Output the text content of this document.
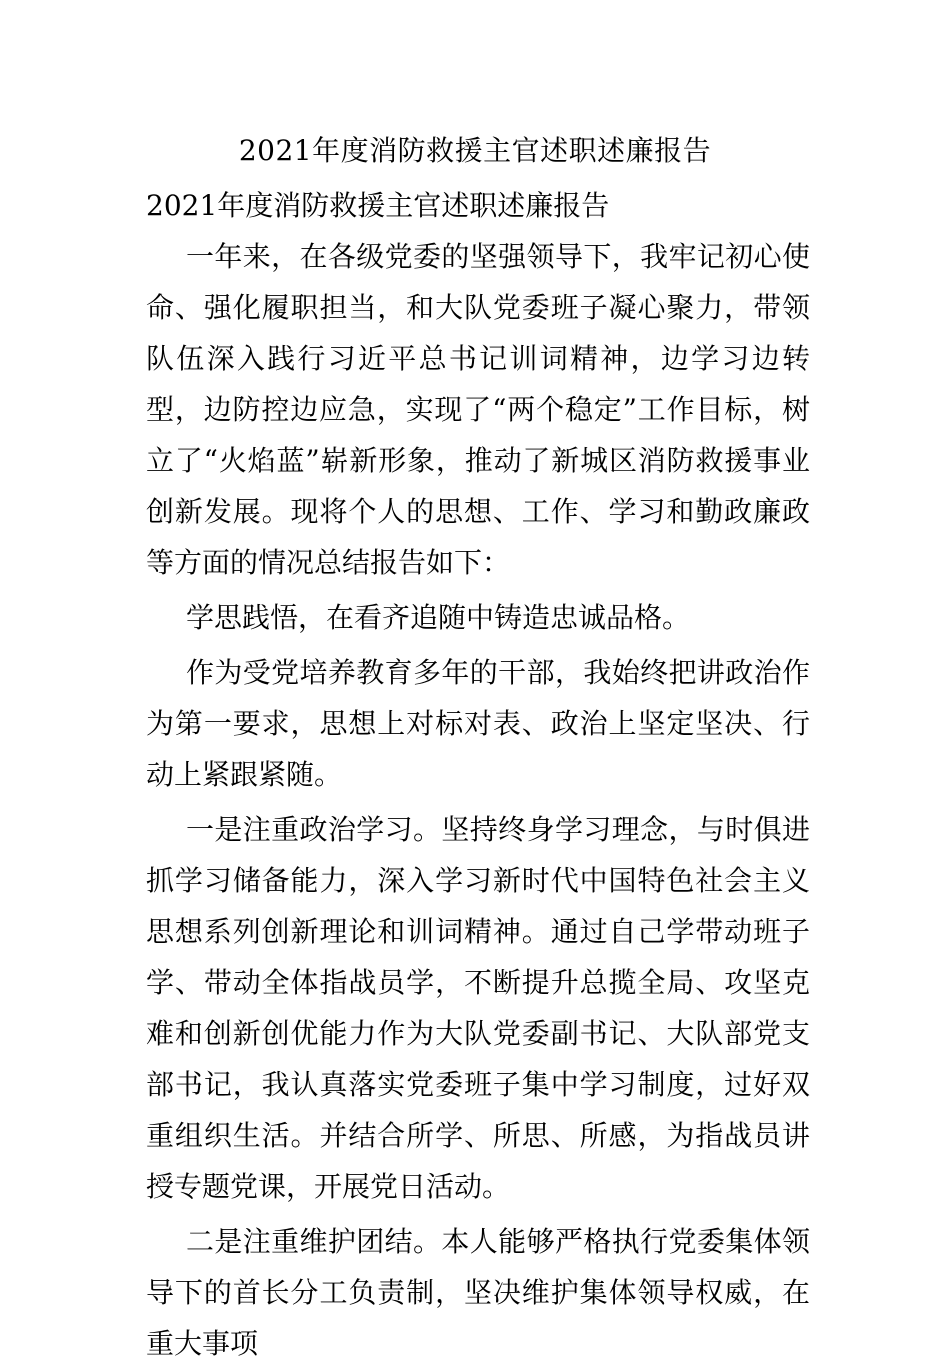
2021年度消防救援主官述职述廉报告

2021年度消防救援主官述职述廉报告

一年来，在各级党委的坚强领导下，我牢记初心使命、强化履职担当，和大队党委班子凝心聚力，带领队伍深入践行习近平总书记训词精神，边学习边转型，边防控边应急，实现了“两个稳定”工作目标，树立了“火焰蓝”崭新形象，推动了新城区消防救援事业创新发展。现将个人的思想、工作、学习和勤政廉政等方面的情况总结报告如下：

学思践悟，在看齐追随中铸造忠诚品格。

作为受党培养教育多年的干部，我始终把讲政治作为第一要求，思想上对标对表、政治上坚定坚决、行动上紧跟紧随。

一是注重政治学习。坚持终身学习理念，与时俱进抓学习储备能力，深入学习新时代中国特色社会主义思想系列创新理论和训词精神。通过自己学带动班子学、带动全体指战员学，不断提升总揽全局、攻坚克难和创新创优能力作为大队党委副书记、大队部党支部书记，我认真落实党委班子集中学习制度，过好双重组织生活。并结合所学、所思、所感，为指战员讲授专题党课，开展党日活动。

二是注重维护团结。本人能够严格执行党委集体领导下的首长分工负责制，坚决维护集体领导权威，在重大事项
